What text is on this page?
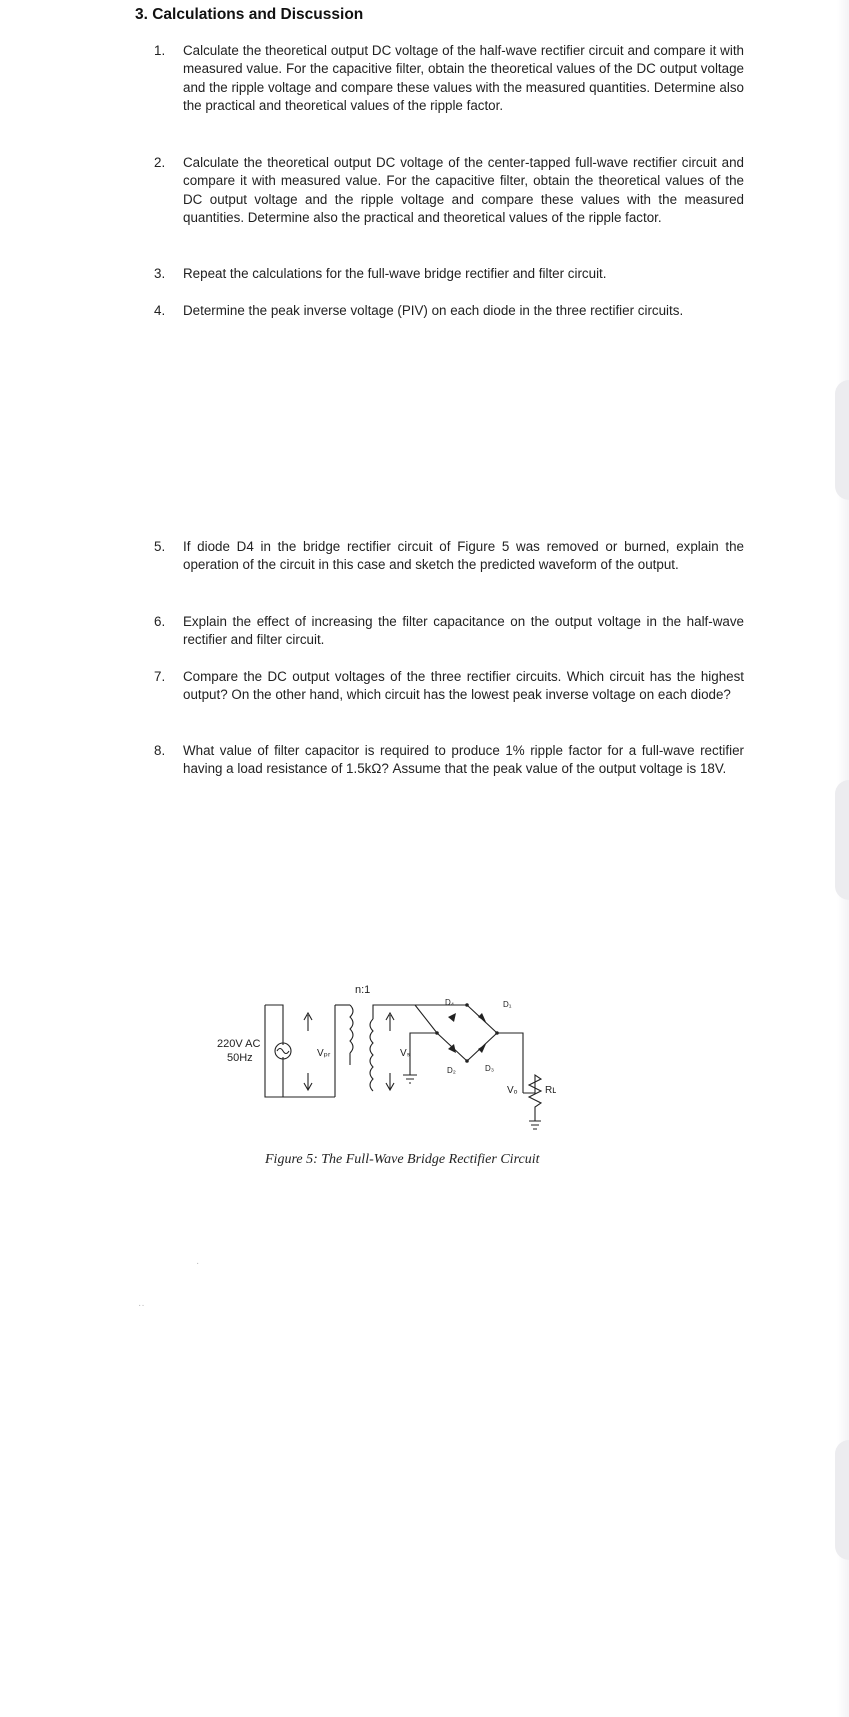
3. Calculations and Discussion
1. Calculate the theoretical output DC voltage of the half-wave rectifier circuit and compare it with measured value. For the capacitive filter, obtain the theoretical values of the DC output voltage and the ripple voltage and compare these values with the measured quantities. Determine also the practical and theoretical values of the ripple factor.
2. Calculate the theoretical output DC voltage of the center-tapped full-wave rectifier circuit and compare it with measured value. For the capacitive filter, obtain the theoretical values of the DC output voltage and the ripple voltage and compare these values with the measured quantities. Determine also the practical and theoretical values of the ripple factor.
3. Repeat the calculations for the full-wave bridge rectifier and filter circuit.
4. Determine the peak inverse voltage (PIV) on each diode in the three rectifier circuits.
5. If diode D4 in the bridge rectifier circuit of Figure 5 was removed or burned, explain the operation of the circuit in this case and sketch the predicted waveform of the output.
6. Explain the effect of increasing the filter capacitance on the output voltage in the half-wave rectifier and filter circuit.
7. Compare the DC output voltages of the three rectifier circuits. Which circuit has the highest output? On the other hand, which circuit has the lowest peak inverse voltage on each diode?
8. What value of filter capacitor is required to produce 1% ripple factor for a full-wave rectifier having a load resistance of 1.5kΩ? Assume that the peak value of the output voltage is 18V.
n:1
220V AC
50Hz	Vₚᵣ	Vₛ
D₄	D₁
D₂	D₃
Vₒ	Rʟ
Figure 5: The Full-Wave Bridge Rectifier Circuit
·
··
